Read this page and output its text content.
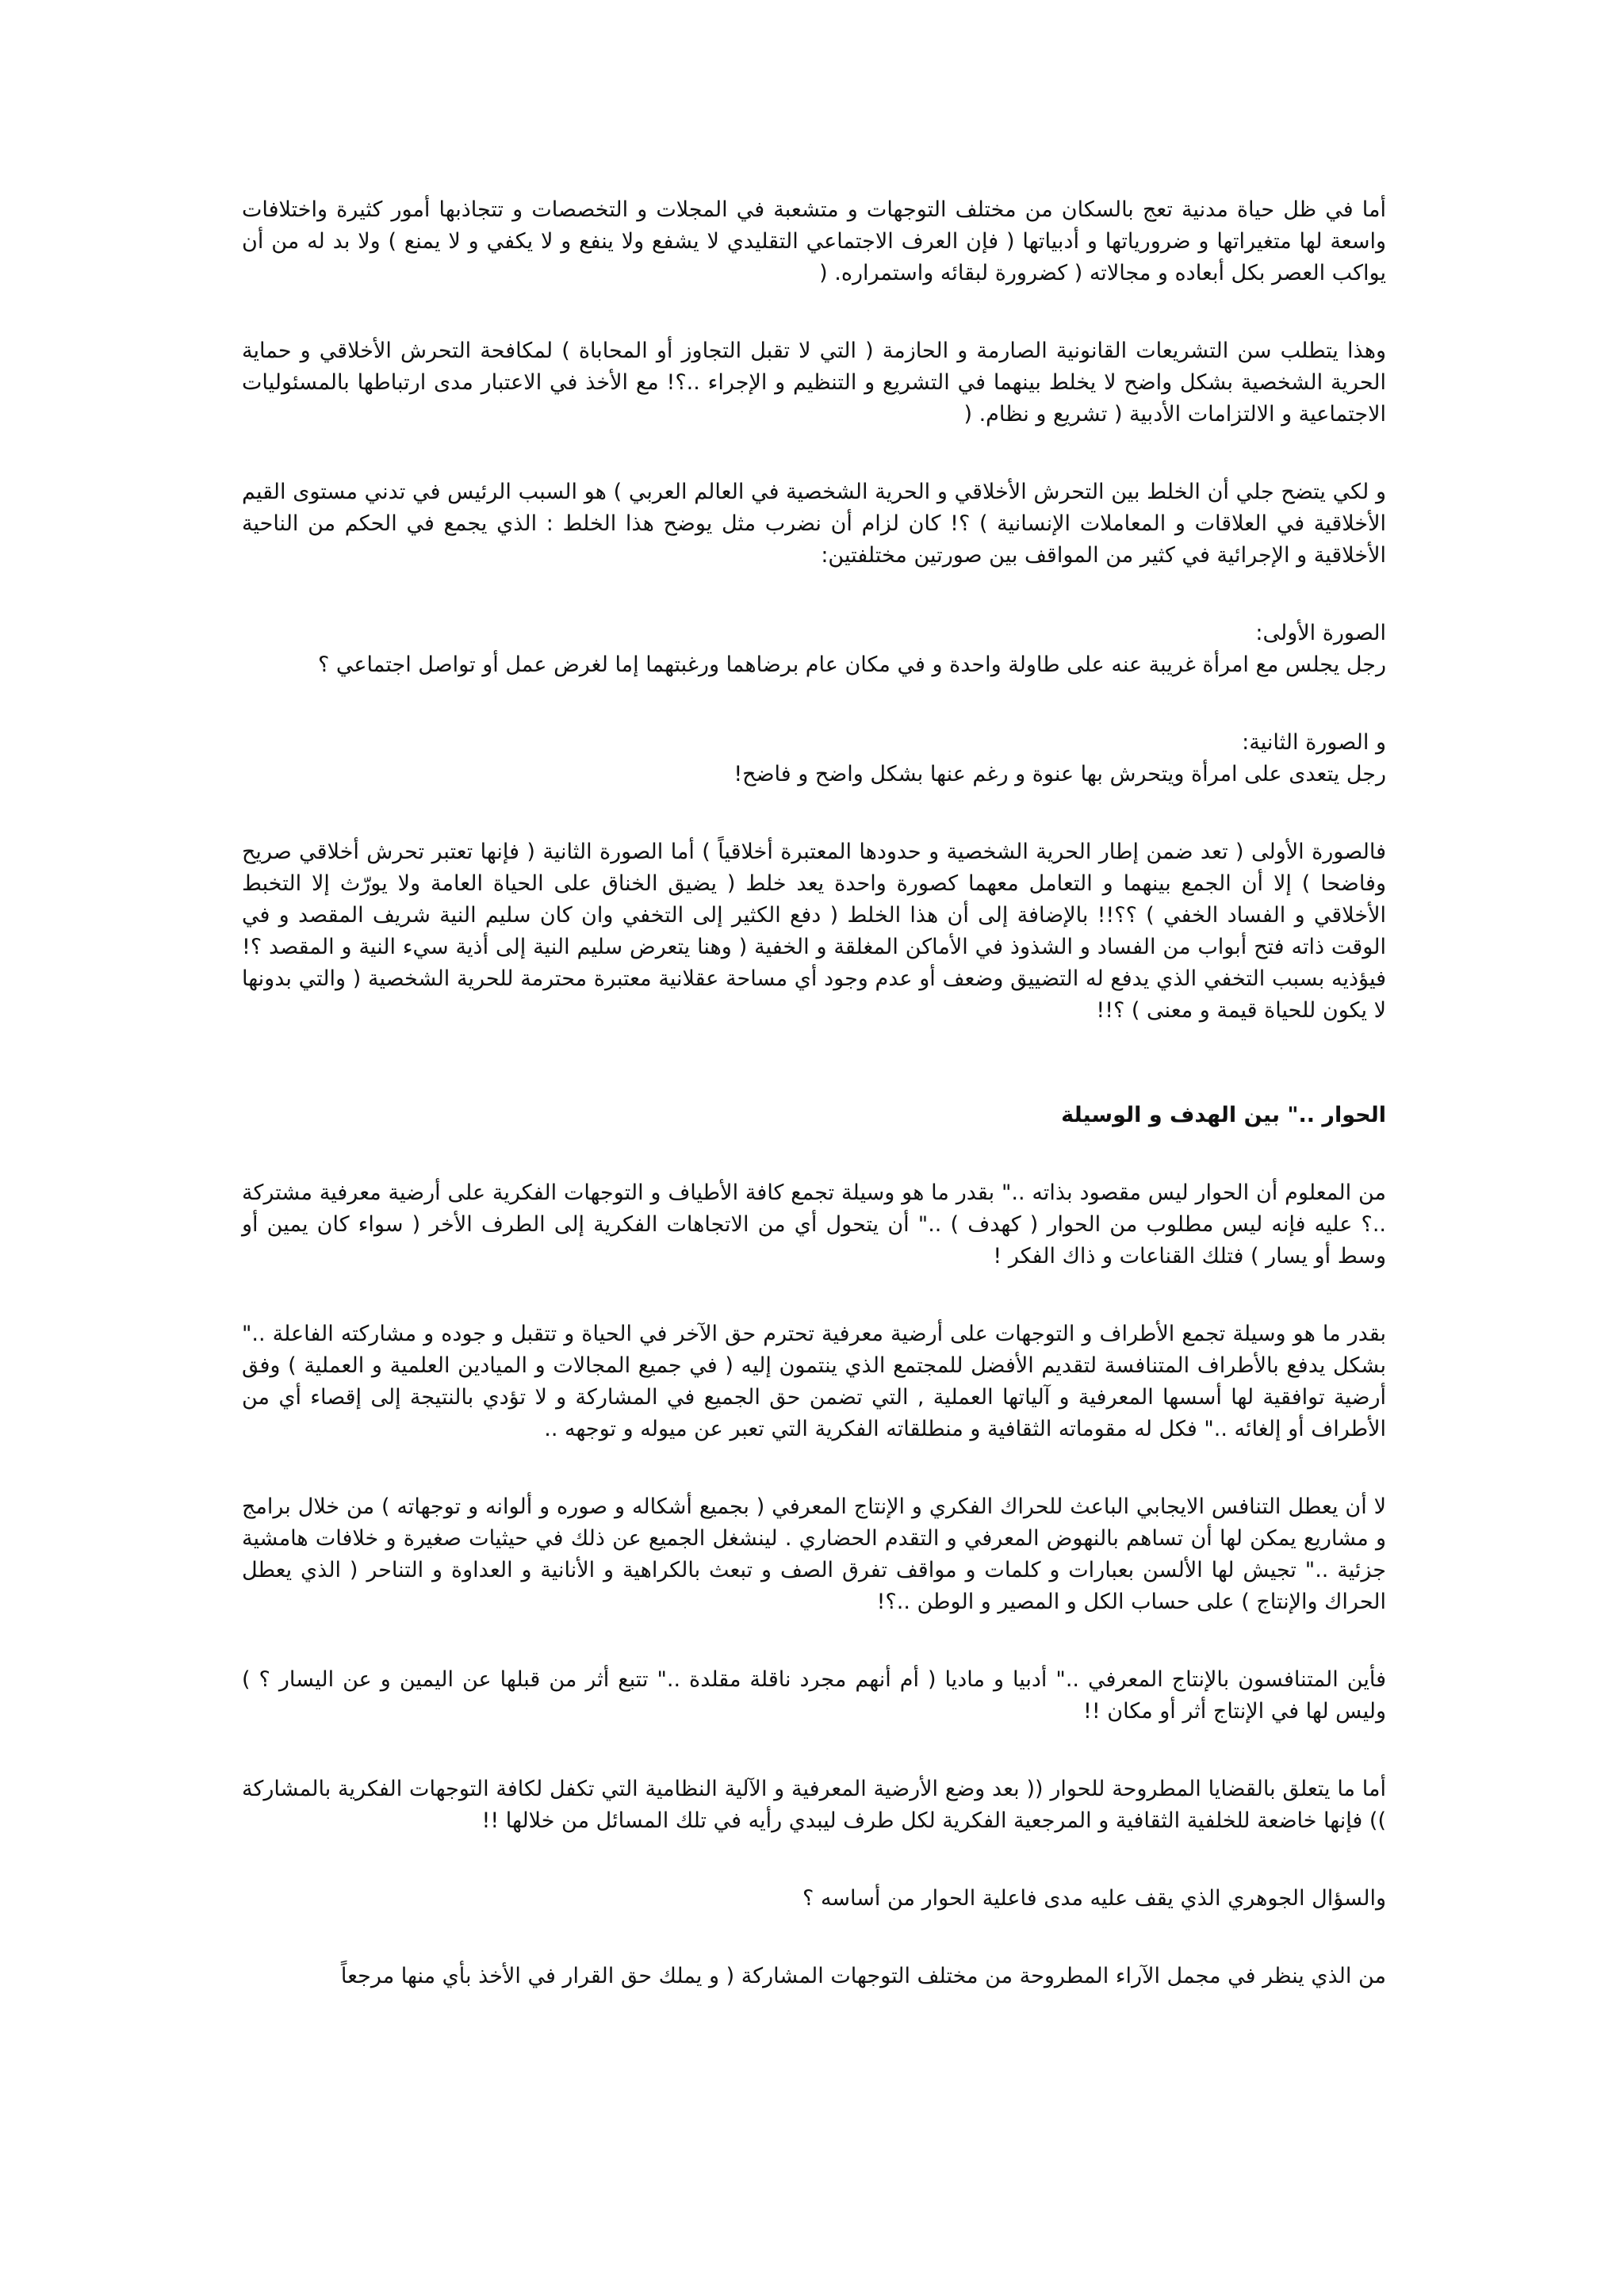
أما في ظل حياة مدنية تعج بالسكان من مختلف التوجهات و متشعبة في المجلات و التخصصات و تتجاذبها أمور كثيرة واختلافات واسعة لها متغيراتها و ضرورياتها و أدبياتها ( فإن العرف الاجتماعي التقليدي لا يشفع ولا ينفع و لا يكفي و لا يمنع ) ولا بد له من أن يواكب العصر بكل أبعاده و مجالاته ( كضرورة لبقائه واستمراره. (

وهذا يتطلب سن التشريعات القانونية الصارمة و الحازمة ( التي لا تقبل التجاوز أو المحاباة ) لمكافحة التحرش الأخلاقي و حماية الحرية الشخصية بشكل واضح لا يخلط بينهما في التشريع و التنظيم و الإجراء ..؟! مع الأخذ في الاعتبار مدى ارتباطها بالمسئوليات الاجتماعية و الالتزامات الأدبية ( تشريع و نظام. (

و لكي يتضح جلي أن الخلط بين التحرش الأخلاقي و الحرية الشخصية في العالم العربي ) هو السبب الرئيس في تدني مستوى القيم الأخلاقية في العلاقات و المعاملات الإنسانية ) ؟! كان لزام أن نضرب مثل يوضح هذا الخلط : الذي يجمع في الحكم من الناحية الأخلاقية و الإجرائية في كثير من المواقف بين صورتين مختلفتين:

الصورة الأولى:

رجل يجلس مع امرأة غريبة عنه على طاولة واحدة و في مكان عام برضاهما ورغبتهما إما لغرض عمل أو تواصل اجتماعي ؟

و الصورة الثانية:

رجل يتعدى على امرأة ويتحرش بها عنوة و رغم عنها بشكل واضح و فاضح!

فالصورة الأولى ( تعد ضمن إطار الحرية الشخصية و حدودها المعتبرة أخلاقياً ) أما الصورة الثانية ( فإنها تعتبر تحرش أخلاقي صريح وفاضحا ) إلا أن الجمع بينهما و التعامل معهما كصورة واحدة يعد خلط ( يضيق الخناق على الحياة العامة ولا يورّث إلا التخبط الأخلاقي و الفساد الخفي ) ؟؟!! بالإضافة إلى أن هذا الخلط ( دفع الكثير إلى التخفي وان كان سليم النية شريف المقصد و في الوقت ذاته فتح أبواب من الفساد و الشذوذ في الأماكن المغلقة و الخفية ( وهنا يتعرض سليم النية إلى أذية سيء النية و المقصد ؟! فيؤذيه بسبب التخفي الذي يدفع له التضييق وضعف أو عدم وجود أي مساحة عقلانية معتبرة محترمة للحرية الشخصية ( والتي بدونها لا يكون للحياة قيمة و معنى ) ؟!!

الحوار .." بين الهدف و الوسيلة

من المعلوم أن الحوار ليس مقصود بذاته .." بقدر ما هو وسيلة تجمع كافة الأطياف و التوجهات الفكرية على أرضية معرفية مشتركة ..؟ عليه فإنه ليس مطلوب من الحوار ( كهدف ) .." أن يتحول أي من الاتجاهات الفكرية إلى الطرف الأخر ( سواء كان يمين أو وسط أو يسار ) فتلك القناعات و ذاك الفكر !

بقدر ما هو وسيلة تجمع الأطراف و التوجهات على أرضية معرفية تحترم حق الآخر في الحياة و تتقبل و جوده و مشاركته الفاعلة .." بشكل يدفع بالأطراف المتنافسة لتقديم الأفضل للمجتمع الذي ينتمون إليه ( في جميع المجالات و الميادين العلمية و العملية ) وفق أرضية توافقية لها أسسها المعرفية و آلياتها العملية , التي تضمن حق الجميع في المشاركة و لا تؤدي بالنتيجة إلى إقصاء أي من الأطراف أو إلغائه .." فكل له مقوماته الثقافية و منطلقاته الفكرية التي تعبر عن ميوله و توجهه ..

لا أن يعطل التنافس الايجابي الباعث للحراك الفكري و الإنتاج المعرفي ( بجميع أشكاله و صوره و ألوانه و توجهاته ) من خلال برامج و مشاريع يمكن لها أن تساهم بالنهوض المعرفي و التقدم الحضاري . لينشغل الجميع عن ذلك في حيثيات صغيرة و خلافات هامشية جزئية .." تجيش لها الألسن بعبارات و كلمات و مواقف تفرق الصف و تبعث بالكراهية و الأنانية و العداوة و التناحر ( الذي يعطل الحراك والإنتاج ) على حساب الكل و المصير و الوطن ..؟!

فأين المتنافسون بالإنتاج المعرفي .." أدبيا و ماديا ( أم أنهم مجرد ناقلة مقلدة .." تتبع أثر من قبلها عن اليمين و عن اليسار ؟ ) وليس لها في الإنتاج أثر أو مكان !!

أما ما يتعلق بالقضايا المطروحة للحوار (( بعد وضع الأرضية المعرفية و الآلية النظامية التي تكفل لكافة التوجهات الفكرية بالمشاركة )) فإنها خاضعة للخلفية الثقافية و المرجعية الفكرية لكل طرف ليبدي رأيه في تلك المسائل من خلالها !!

والسؤال الجوهري الذي يقف عليه مدى فاعلية الحوار من أساسه ؟

من الذي ينظر في مجمل الآراء المطروحة من مختلف التوجهات المشاركة ( و يملك حق القرار في الأخذ بأي منها مرجعاً
